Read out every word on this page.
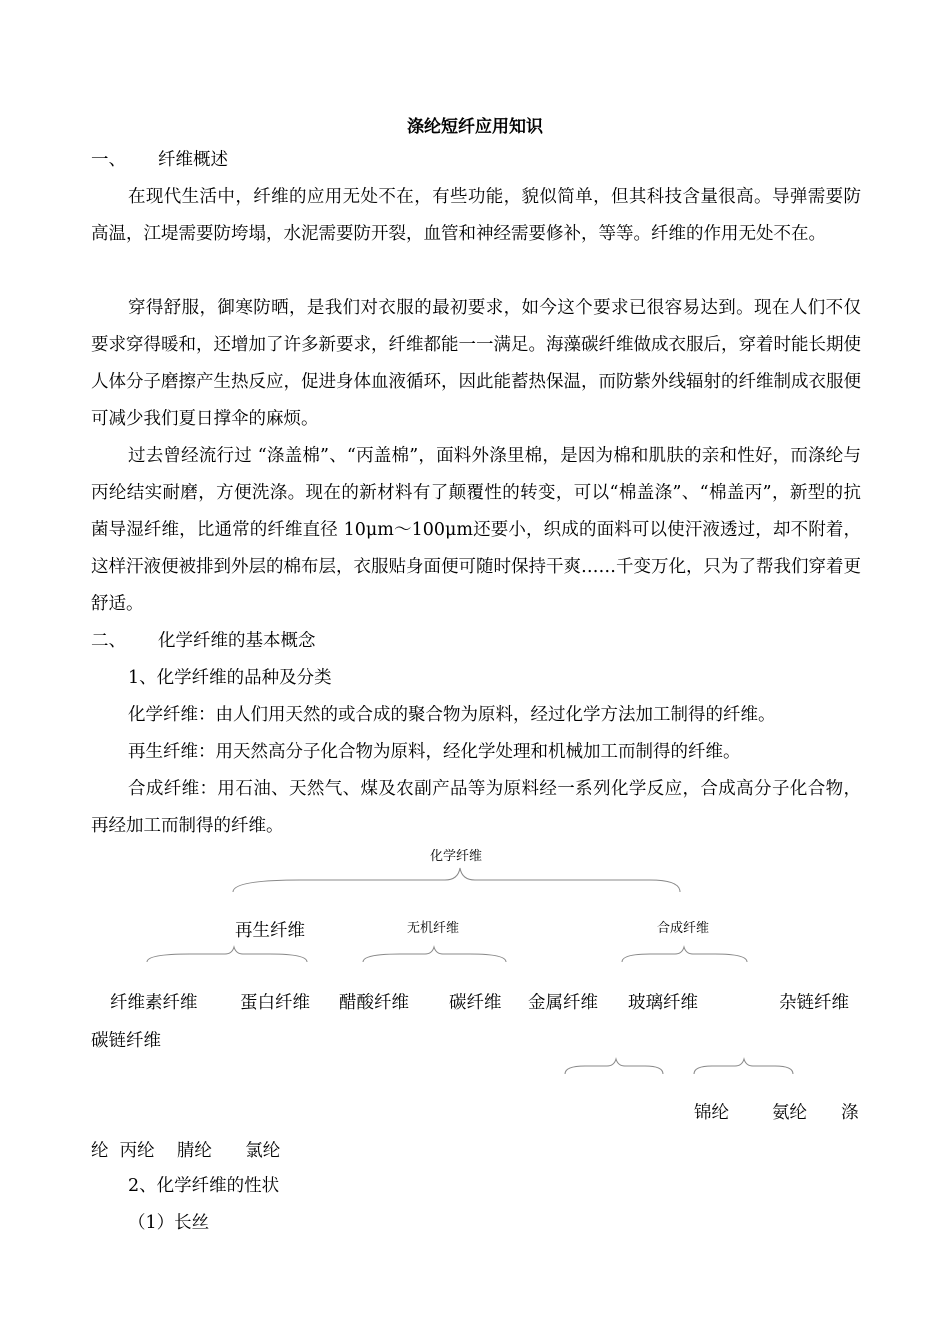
涤纶短纤应用知识
一、 纤维概述
在现代生活中，纤维的应用无处不在，有些功能，貌似简单，但其科技含量很高。导弹需要防高温，江堤需要防垮塌，水泥需要防开裂，血管和神经需要修补，等等。纤维的作用无处不在。
穿得舒服，御寒防晒，是我们对衣服的最初要求，如今这个要求已很容易达到。现在人们不仅要求穿得暖和，还增加了许多新要求，纤维都能一一满足。海藻碳纤维做成衣服后，穿着时能长期使人体分子磨擦产生热反应，促进身体血液循环，因此能蓄热保温，而防紫外线辐射的纤维制成衣服便可减少我们夏日撑伞的麻烦。
过去曾经流行过 “涤盖棉”、“丙盖棉”，面料外涤里棉，是因为棉和肌肤的亲和性好，而涤纶与丙纶结实耐磨，方便洗涤。现在的新材料有了颠覆性的转变，可以“棉盖涤”、“棉盖丙”，新型的抗菌导湿纤维，比通常的纤维直径 10μm～100μm还要小，织成的面料可以使汗液透过，却不附着，这样汗液便被排到外层的棉布层，衣服贴身面便可随时保持干爽……千变万化，只为了帮我们穿着更舒适。
二、 化学纤维的基本概念
1、化学纤维的品种及分类
化学纤维：由人们用天然的或合成的聚合物为原料，经过化学方法加工制得的纤维。
再生纤维：用天然高分子化合物为原料，经化学处理和机械加工而制得的纤维。
合成纤维：用石油、天然气、煤及农副产品等为原料经一系列化学反应，合成高分子化合物，再经加工而制得的纤维。
化学纤维
再生纤维	无机纤维	合成纤维
纤维素纤维 蛋白纤维 醋酸纤维 碳纤维 金属纤维 玻璃纤维	杂链纤维
碳链纤维
锦纶 氨纶 涤
纶  丙纶    腈纶      氯纶
2、化学纤维的性状
（1）长丝
